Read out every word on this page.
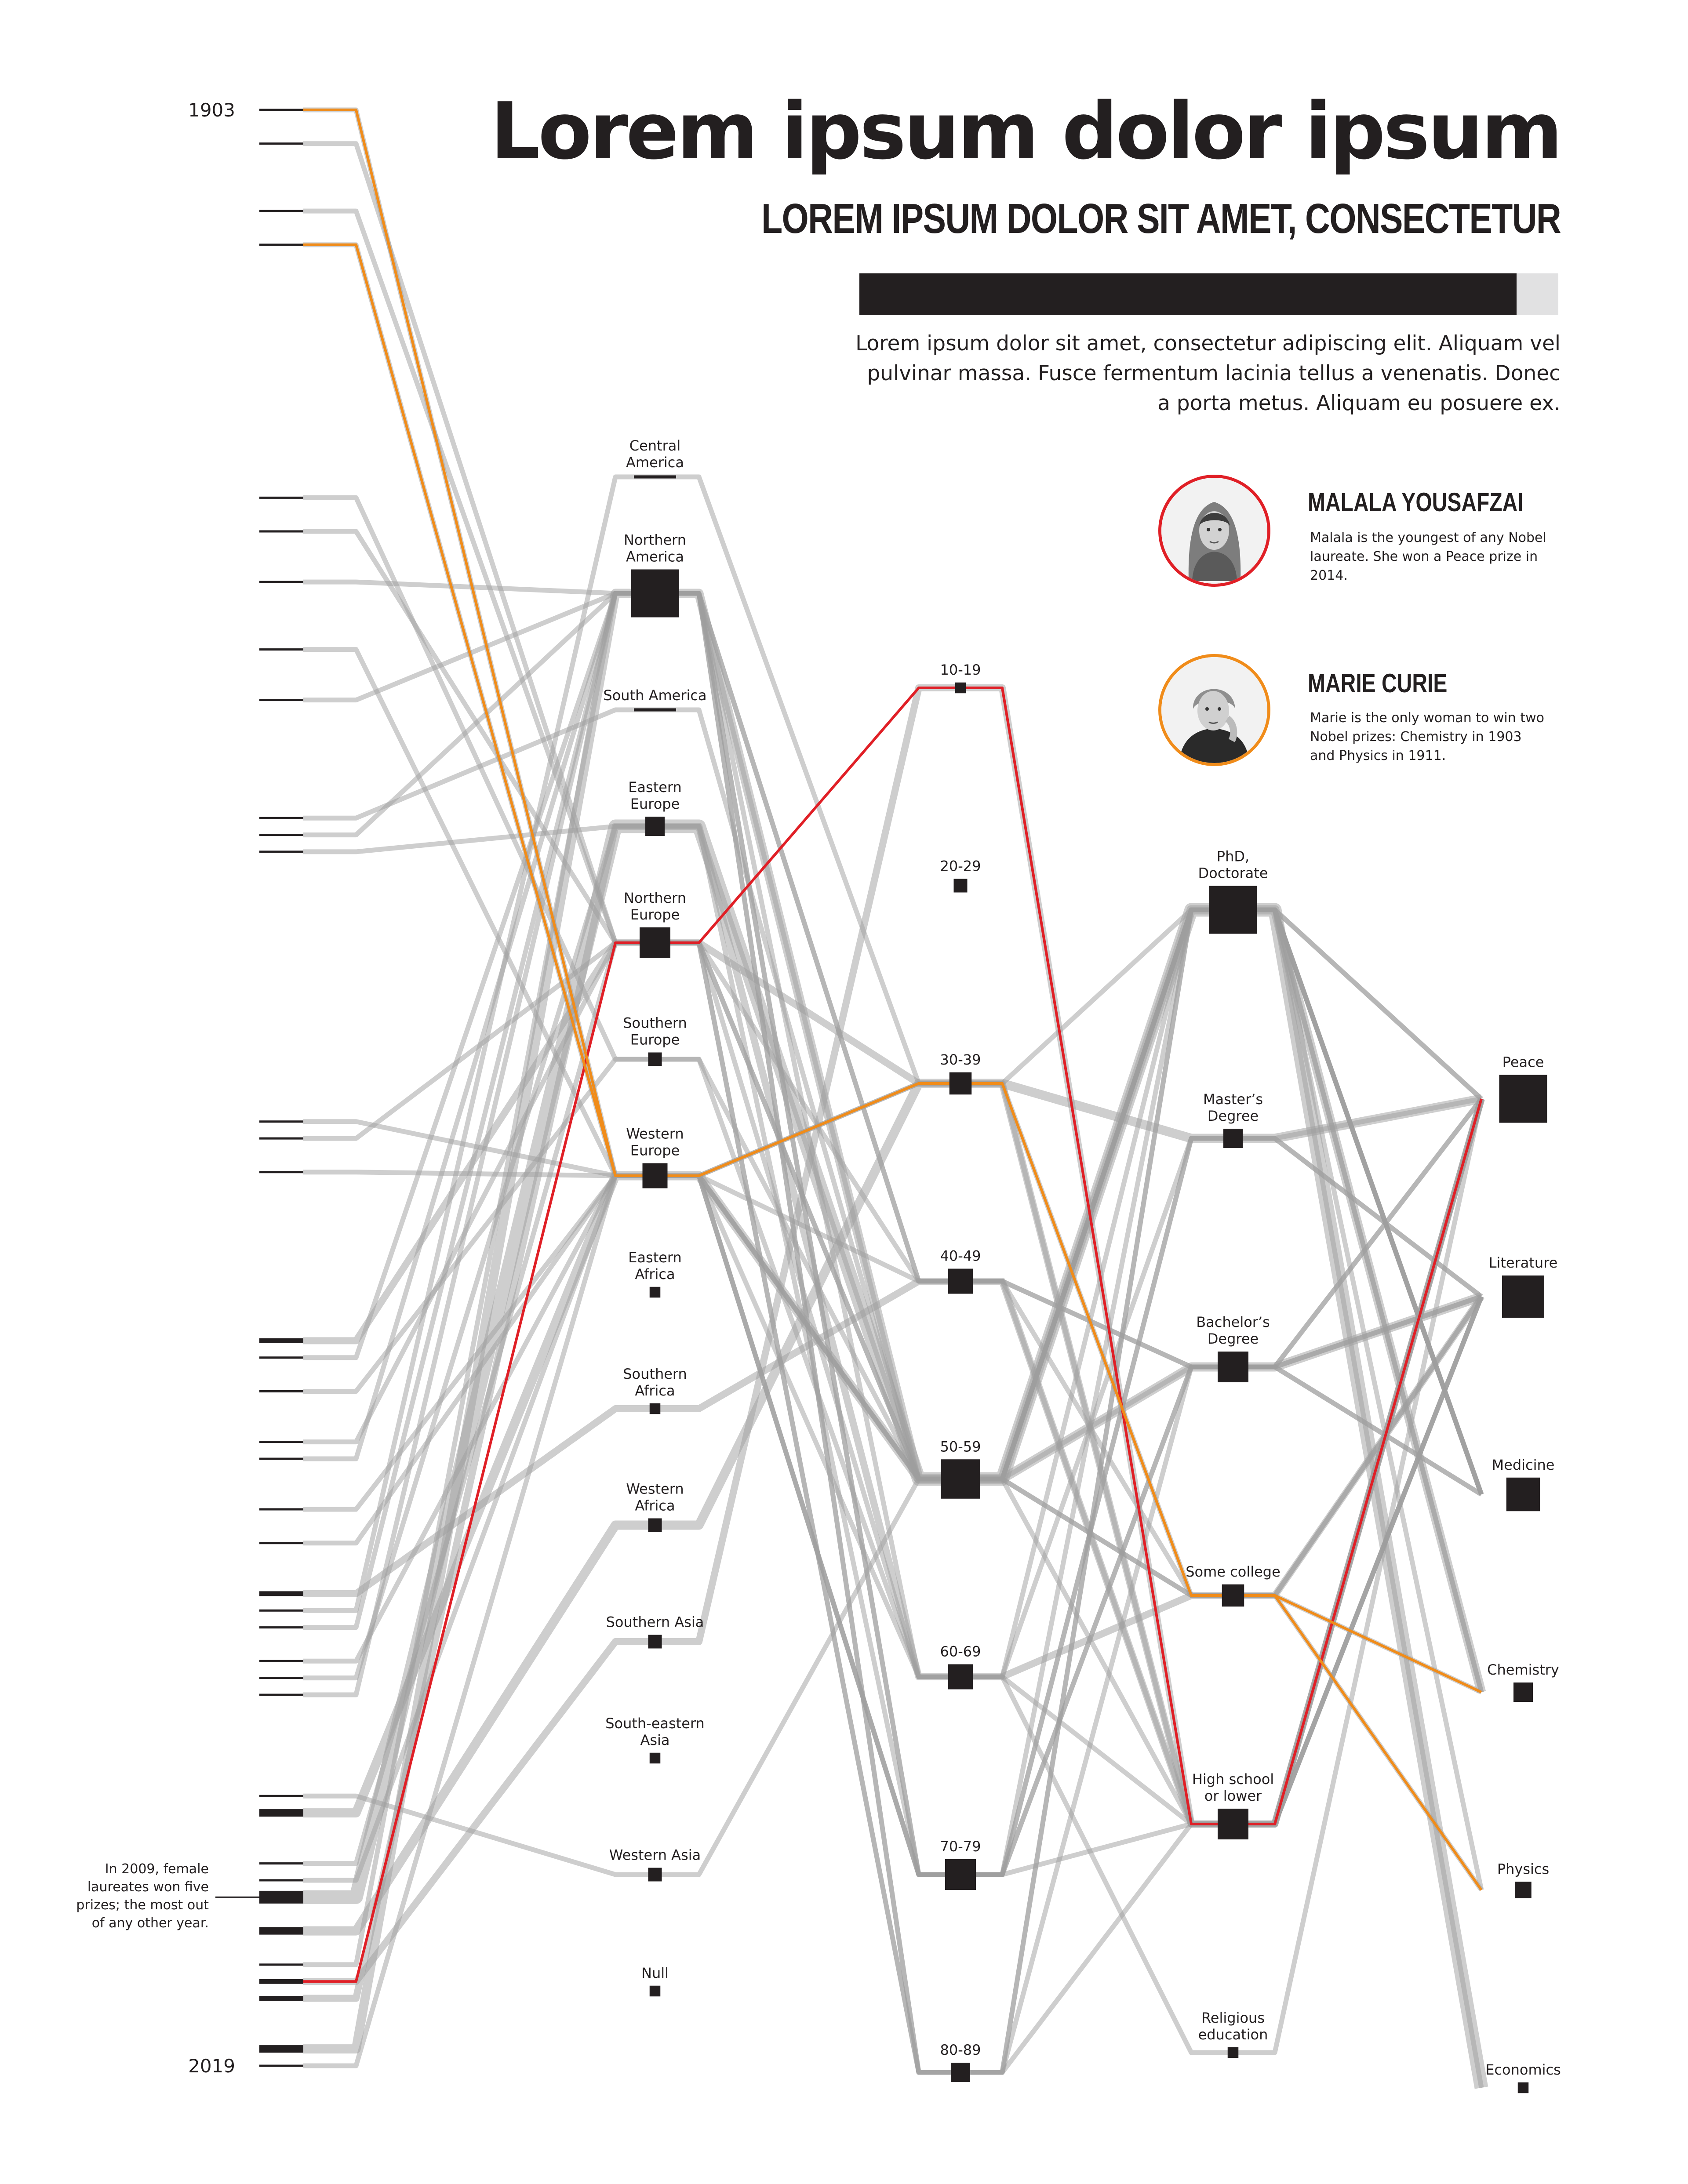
Central America
Northern America
South America
Eastern Europe
Northern Europe
Southern Europe
Western Europe
Eastern Africa
Southern Africa
Western Africa
Southern Asia
South-eastern Asia
Western Asia
Null
10-19
20-29
30-39
40-49
50-59
60-69
70-79
80-89
PhD, Doctorate
Master’s Degree
Bachelor’s Degree
Some college
High school or lower
Religious education
Peace
Literature
Medicine
Chemistry
Physics
Economics
1903
2019
Lorem ipsum dolor ipsum
LOREM IPSUM DOLOR SIT AMET, CONSECTETUR
Lorem ipsum dolor sit amet, consectetur adipiscing elit. Aliquam vel pulvinar massa. Fusce fermentum lacinia tellus a venenatis. Donec a porta metus. Aliquam eu posuere ex.
MALALA YOUSAFZAI
Malala is the youngest of any Nobel laureate. She won a Peace prize in 2014.
MARIE CURIE
Marie is the only woman to win two Nobel prizes: Chemistry in 1903 and Physics in 1911.
In 2009, female laureates won five prizes; the most out of any other year.
